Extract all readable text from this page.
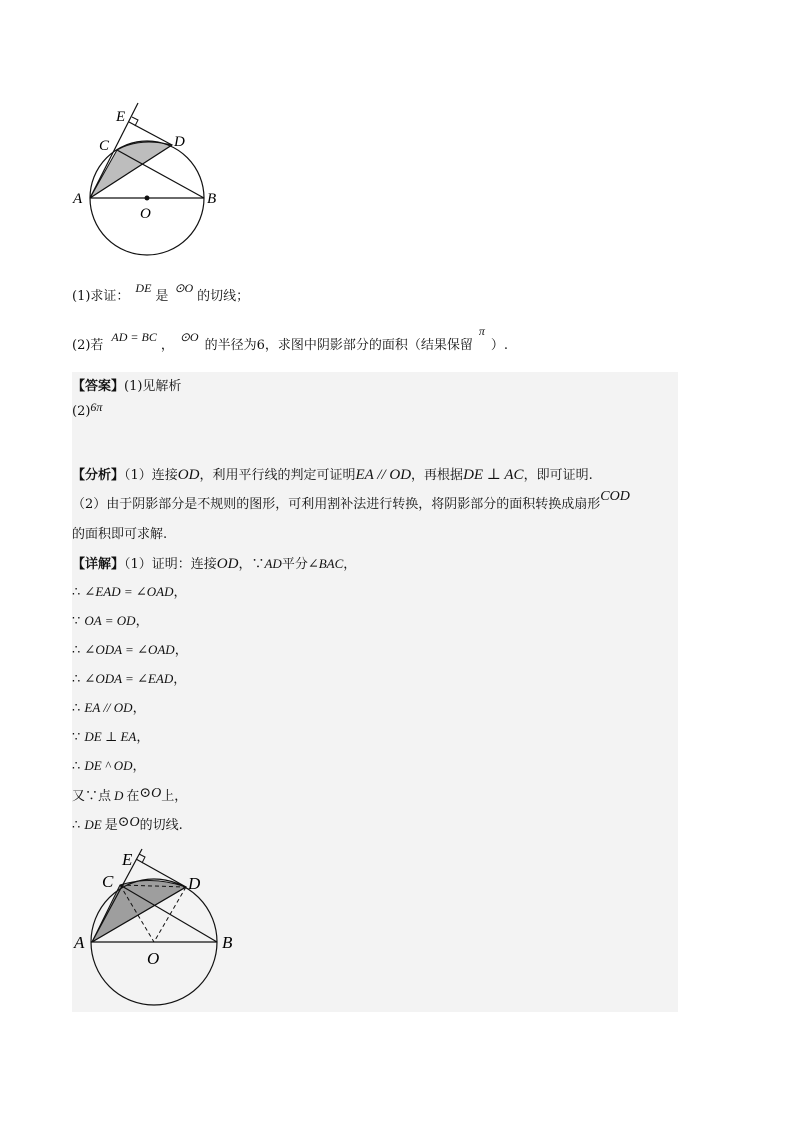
E
C	D
A	B
O
(1)求证：DE是⊙O的切线；
(2)若AD = BC，⊙O的半径为6，求图中阴影部分的面积（结果保留π）.
【答案】(1)见解析
(2)6π
【分析】（1）连接OD，利用平行线的判定可证明EA // OD，再根据DE ⊥ AC，即可证明.
（2）由于阴影部分是不规则的图形，可利用割补法进行转换，将阴影部分的面积转换成扇形COD
的面积即可求解.
【详解】（1）证明：连接OD，∵AD平分∠BAC，
∴ ∠EAD = ∠OAD，
∵ OA = OD，
∴ ∠ODA = ∠OAD，
∴ ∠ODA = ∠EAD，
∴ EA // OD，
∵ DE ⊥ EA，
∴ DE ^ OD，
又∵点 D 在⊙O上，
∴ DE 是⊙O的切线.
E
C	D
A	B
O
